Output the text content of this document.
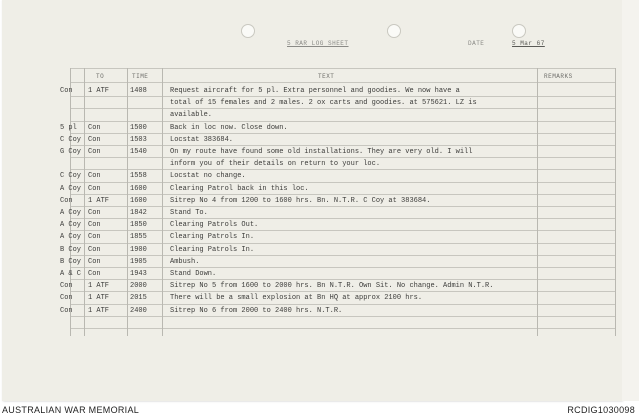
5 RAR LOG SHEET	DATE	5 Mar 67
TO	TIME	TEXT	REMARKS
Con 1 ATF	1408	Request aircraft for 5 pl. Extra personnel and goodies. We now have a
total of 15 females and 2 males. 2 ox carts and goodies. at 575621. LZ is
available.
5 pl Con	1500	Back in loc now. Close down.
C Coy Con	1503	Locstat 383684.
G Coy Con	1540	On my route have found some old installations. They are very old. I will
inform you of their details on return to your loc.
C Coy Con	1558	Locstat no change.
A Coy Con	1600	Clearing Patrol back in this loc.
Con 1 ATF	1600	Sitrep No 4 from 1200 to 1600 hrs. Bn. N.T.R. C Coy at 383684.
A Coy Con	1842	Stand To.
A Coy Con	1850	Clearing Patrols Out.
A Coy Con	1855	Clearing Patrols In.
B Coy Con	1900	Clearing Patrols In.
B Coy Con	1905	Ambush.
A & C Con	1943	Stand Down.
Con 1 ATF	2000	Sitrep No 5 from 1600 to 2000 hrs. Bn N.T.R. Own Sit. No change. Admin N.T.R.
Con 1 ATF	2015	There will be a small explosion at Bn HQ at approx 2100 hrs.
Con 1 ATF	2400	Sitrep No 6 from 2000 to 2400 hrs. N.T.R.
AUSTRALIAN WAR MEMORIAL	RCDIG1030098
